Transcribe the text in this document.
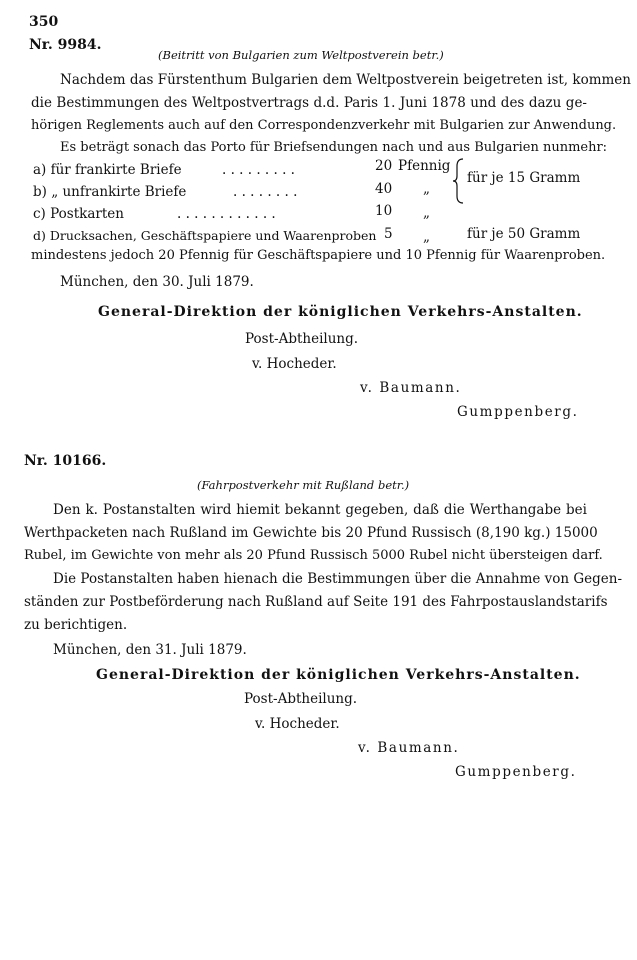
350
Nr. 9984.
(Beitritt von Bulgarien zum Weltpostverein betr.)
Nachdem das Fürstenthum Bulgarien dem Weltpostverein beigetreten ist, kommen
die Bestimmungen des Weltpostvertrags d.d. Paris 1. Juni 1878 und des dazu ge-
hörigen Reglements auch auf den Correspondenzverkehr mit Bulgarien zur Anwendung.
Es beträgt sonach das Porto für Briefsendungen nach und aus Bulgarien nunmehr:
a) für frankirte Briefe	. . . . . . . . .	20 Pfennig
b) „ unfrankirte Briefe	. . . . . . . .	40 „
für je 15 Gramm
c) Postkarten	. . . . . . . . . . . .	10 „
d) Drucksachen, Geschäftspapiere und Waarenproben 5 „	für je 50 Gramm
mindestens jedoch 20 Pfennig für Geschäftspapiere und 10 Pfennig für Waarenproben.
München, den 30. Juli 1879.
General-Direktion der königlichen Verkehrs-Anstalten.
Post-Abtheilung.
v. Hocheder.
v. Baumann.
Gumppenberg.
Nr. 10166.
(Fahrpostverkehr mit Rußland betr.)
Den k. Postanstalten wird hiemit bekannt gegeben, daß die Werthangabe bei
Werthpacketen nach Rußland im Gewichte bis 20 Pfund Russisch (8,190 kg.) 15000
Rubel, im Gewichte von mehr als 20 Pfund Russisch 5000 Rubel nicht übersteigen darf.
Die Postanstalten haben hienach die Bestimmungen über die Annahme von Gegen-
ständen zur Postbeförderung nach Rußland auf Seite 191 des Fahrpostauslandstarifs
zu berichtigen.
München, den 31. Juli 1879.
General-Direktion der königlichen Verkehrs-Anstalten.
Post-Abtheilung.
v. Hocheder.
v. Baumann.
Gumppenberg.
